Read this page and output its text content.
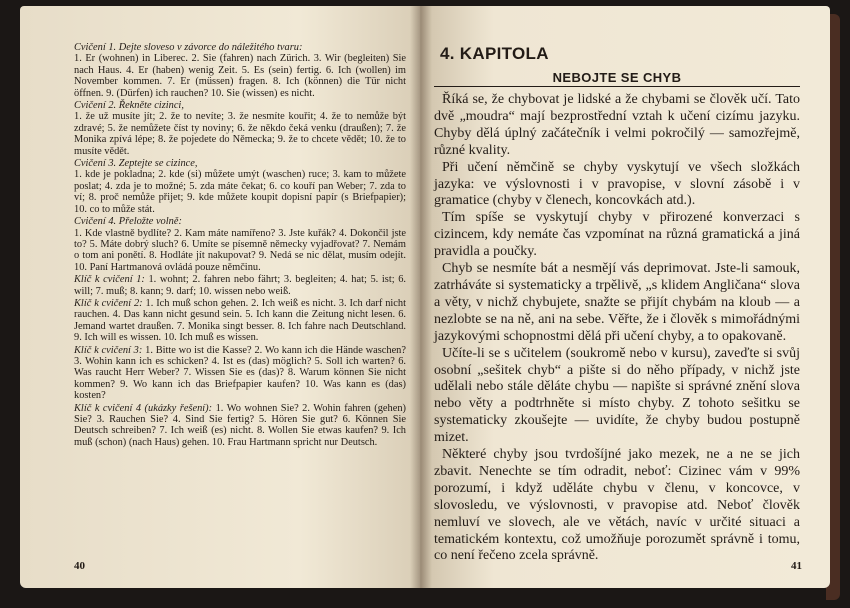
Cvičení 1. Dejte sloveso v závorce do náležitého tvaru:
1. Er (wohnen) in Liberec. 2. Sie (fahren) nach Zürich. 3. Wir (begleiten) Sie nach Haus. 4. Er (haben) wenig Zeit. 5. Es (sein) fertig. 6. Ich (wollen) im November kommen. 7. Er (müssen) fragen. 8. Ich (können) die Tür nicht öffnen. 9. (Dürfen) ich rauchen? 10. Sie (wissen) es nicht.

Cvičení 2. Řekněte cizinci,
1. že už musíte jít; 2. že to nevíte; 3. že nesmíte kouřit; 4. že to nemůže být zdravé; 5. že nemůžete číst ty noviny; 6. že někdo čeká venku (draußen); 7. že Monika zpívá lépe; 8. že pojedete do Německa; 9. že to chcete vědět; 10. že to musíte vědět.

Cvičení 3. Zeptejte se cizince,
1. kde je pokladna; 2. kde (si) můžete umýt (waschen) ruce; 3. kam to můžete poslat; 4. zda je to možné; 5. zda máte čekat; 6. co kouří pan Weber; 7. zda to ví; 8. proč nemůže přijet; 9. kde můžete koupit dopisní papír (s Briefpapier); 10. co to může stát.

Cvičení 4. Přeložte volně:
1. Kde vlastně bydlíte? 2. Kam máte namířeno? 3. Jste kuřák? 4. Dokončil jste to? 5. Máte dobrý sluch? 6. Umíte se písemně německy vyjadřovat? 7. Nemám o tom ani ponětí. 8. Hodláte jít nakupovat? 9. Nedá se nic dělat, musím odejít. 10. Paní Hartmanová ovládá pouze němčinu.

Klíč k cvičení 1: 1. wohnt; 2. fahren nebo fährt; 3. begleiten; 4. hat; 5. ist; 6. will; 7. muß; 8. kann; 9. darf; 10. wissen nebo weiß.

Klíč k cvičení 2: 1. Ich muß schon gehen. 2. Ich weiß es nicht. 3. Ich darf nicht rauchen. 4. Das kann nicht gesund sein. 5. Ich kann die Zeitung nicht lesen. 6. Jemand wartet draußen. 7. Monika singt besser. 8. Ich fahre nach Deutschland. 9. Ich will es wissen. 10. Ich muß es wissen.

Klíč k cvičení 3: 1. Bitte wo ist die Kasse? 2. Wo kann ich die Hände waschen? 3. Wohin kann ich es schicken? 4. Ist es (das) möglich? 5. Soll ich warten? 6. Was raucht Herr Weber? 7. Wissen Sie es (das)? 8. Warum können Sie nicht kommen? 9. Wo kann ich das Briefpapier kaufen? 10. Was kann es (das) kosten?

Klíč k cvičení 4 (ukázky řešení): 1. Wo wohnen Sie? 2. Wohin fahren (gehen) Sie? 3. Rauchen Sie? 4. Sind Sie fertig? 5. Hören Sie gut? 6. Können Sie Deutsch schreiben? 7. Ich weiß (es) nicht. 8. Wollen Sie etwas kaufen? 9. Ich muß (schon) (nach Haus) gehen. 10. Frau Hartmann spricht nur Deutsch.

40
4. KAPITOLA
NEBOJTE SE CHYB

Říká se, že chybovat je lidské a že chybami se člověk učí. Tato dvě „moudra“ mají bezprostřední vztah k učení cizímu jazyku. Chyby dělá úplný začátečník i velmi pokročilý — samozřejmě, různé kvality.

Při učení němčině se chyby vyskytují ve všech složkách jazyka: ve výslovnosti i v pravopise, v slovní zásobě i v gramatice (chyby v členech, koncovkách atd.).

Tím spíše se vyskytují chyby v přirozené konverzaci s cizincem, kdy nemáte čas vzpomínat na různá gramatická a jiná pravidla a poučky.

Chyb se nesmíte bát a nesmějí vás deprimovat. Jste-li samouk, zatrháváte si systematicky a trpělivě, „s klidem Angličana“ slova a věty, v nichž chybujete, snažte se přijít chybám na kloub — a nezlobte se na ně, ani na sebe. Věřte, že i člověk s mimořádnými jazykovými schopnostmi dělá při učení chyby, a to opakovaně.

Učíte-li se s učitelem (soukromě nebo v kursu), zaveďte si svůj osobní „sešitek chyb“ a pište si do něho případy, v nichž jste udělali nebo stále děláte chybu — napište si správné znění slova nebo věty a podtrhněte si místo chyby. Z tohoto sešitku se systematicky zkoušejte — uvidíte, že chyby budou postupně mizet.

Některé chyby jsou tvrdošíjné jako mezek, ne a ne se jich zbavit. Nenechte se tím odradit, neboť: Cizinec vám v 99% porozumí, i když uděláte chybu v členu, v koncovce, v slovosledu, ve výslovnosti, v pravopise atd. Neboť člověk nemluví ve slovech, ale ve větách, navíc v určité situaci a tematickém kontextu, což umožňuje porozumět správně i tomu, co není řečeno zcela správně.

41
